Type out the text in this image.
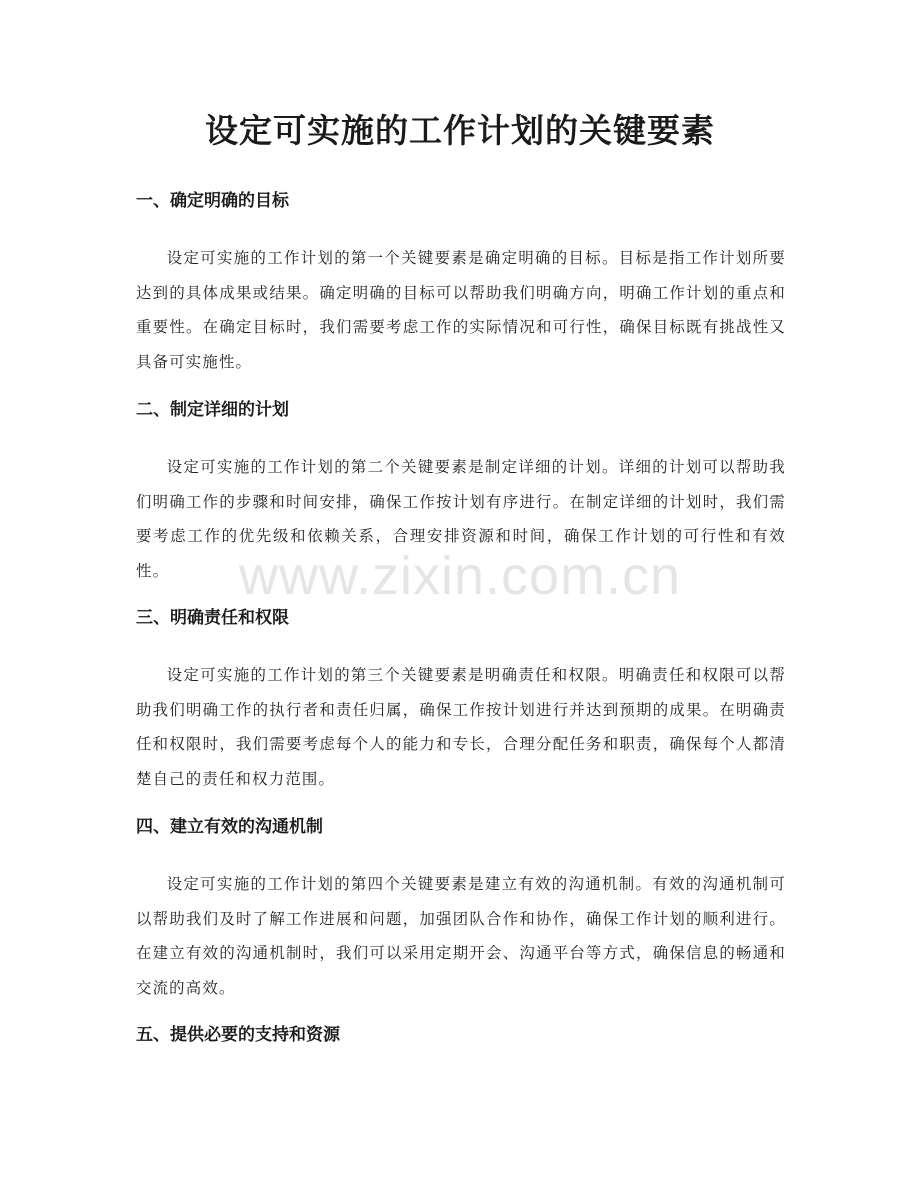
设定可实施的工作计划的关键要素
一、确定明确的目标

设定可实施的工作计划的第一个关键要素是确定明确的目标。目标是指工作计划所要达到的具体成果或结果。确定明确的目标可以帮助我们明确方向，明确工作计划的重点和重要性。在确定目标时，我们需要考虑工作的实际情况和可行性，确保目标既有挑战性又具备可实施性。

二、制定详细的计划

设定可实施的工作计划的第二个关键要素是制定详细的计划。详细的计划可以帮助我们明确工作的步骤和时间安排，确保工作按计划有序进行。在制定详细的计划时，我们需要考虑工作的优先级和依赖关系，合理安排资源和时间，确保工作计划的可行性和有效性。

三、明确责任和权限

设定可实施的工作计划的第三个关键要素是明确责任和权限。明确责任和权限可以帮助我们明确工作的执行者和责任归属，确保工作按计划进行并达到预期的成果。在明确责任和权限时，我们需要考虑每个人的能力和专长，合理分配任务和职责，确保每个人都清楚自己的责任和权力范围。

四、建立有效的沟通机制

设定可实施的工作计划的第四个关键要素是建立有效的沟通机制。有效的沟通机制可以帮助我们及时了解工作进展和问题，加强团队合作和协作，确保工作计划的顺利进行。在建立有效的沟通机制时，我们可以采用定期开会、沟通平台等方式，确保信息的畅通和交流的高效。

五、提供必要的支持和资源
www.zixin.com.cn
